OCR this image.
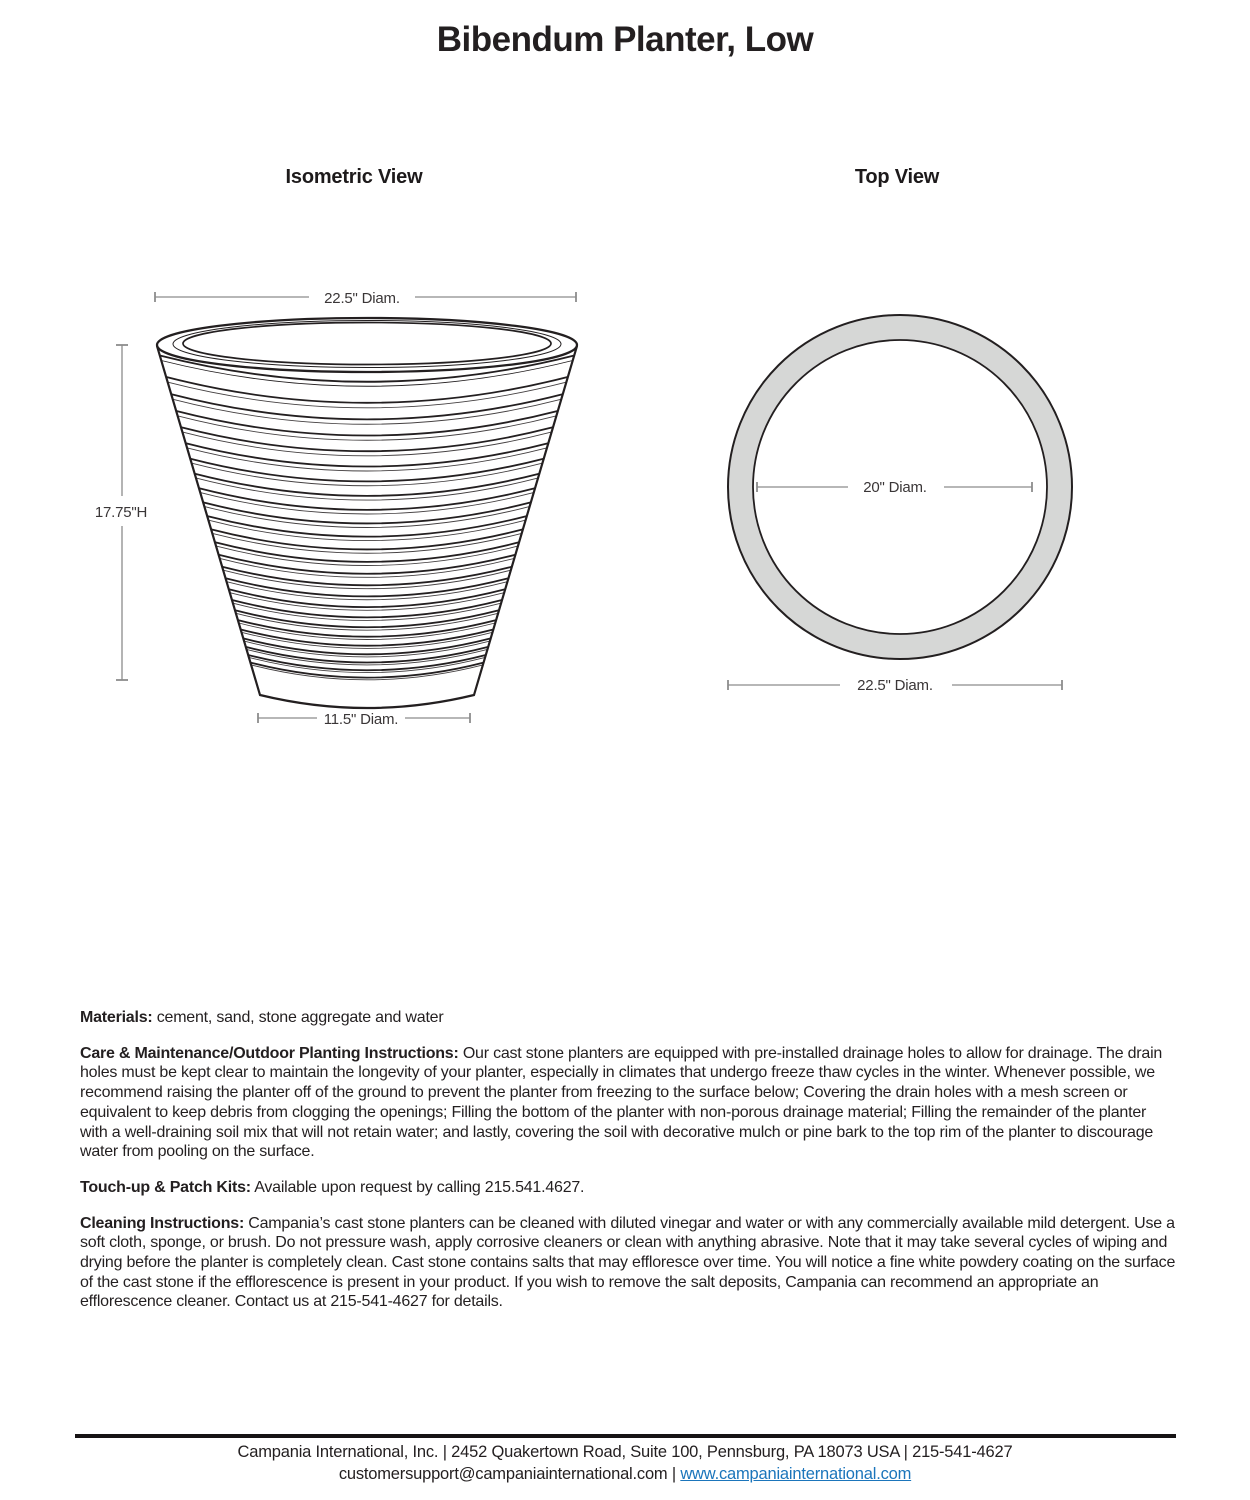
Bibendum Planter, Low
Isometric View	Top View
22.5" Diam.
17.75"H
11.5" Diam.
20" Diam.
22.5" Diam.

Materials: cement, sand, stone aggregate and water

Care & Maintenance/Outdoor Planting Instructions: Our cast stone planters are equipped with pre-installed drainage holes to allow for drainage. The drain holes must be kept clear to maintain the longevity of your planter, especially in climates that undergo freeze thaw cycles in the winter. Whenever possible, we recommend raising the planter off of the ground to prevent the planter from freezing to the surface below; Covering the drain holes with a mesh screen or equivalent to keep debris from clogging the openings; Filling the bottom of the planter with non-porous drainage material; Filling the remainder of the planter with a well-draining soil mix that will not retain water; and lastly, covering the soil with decorative mulch or pine bark to the top rim of the planter to discourage water from pooling on the surface.

Touch-up & Patch Kits: Available upon request by calling 215.541.4627.

Cleaning Instructions: Campania’s cast stone planters can be cleaned with diluted vinegar and water or with any commercially available mild detergent. Use a soft cloth, sponge, or brush. Do not pressure wash, apply corrosive cleaners or clean with anything abrasive. Note that it may take several cycles of wiping and drying before the planter is completely clean. Cast stone contains salts that may effloresce over time. You will notice a fine white powdery coating on the surface of the cast stone if the efflorescence is present in your product. If you wish to remove the salt deposits, Campania can recommend an appropriate an efflorescence cleaner. Contact us at 215-541-4627 for details.

Campania International, Inc. | 2452 Quakertown Road, Suite 100, Pennsburg, PA 18073 USA | 215-541-4627
customersupport@campaniainternational.com | www.campaniainternational.com
